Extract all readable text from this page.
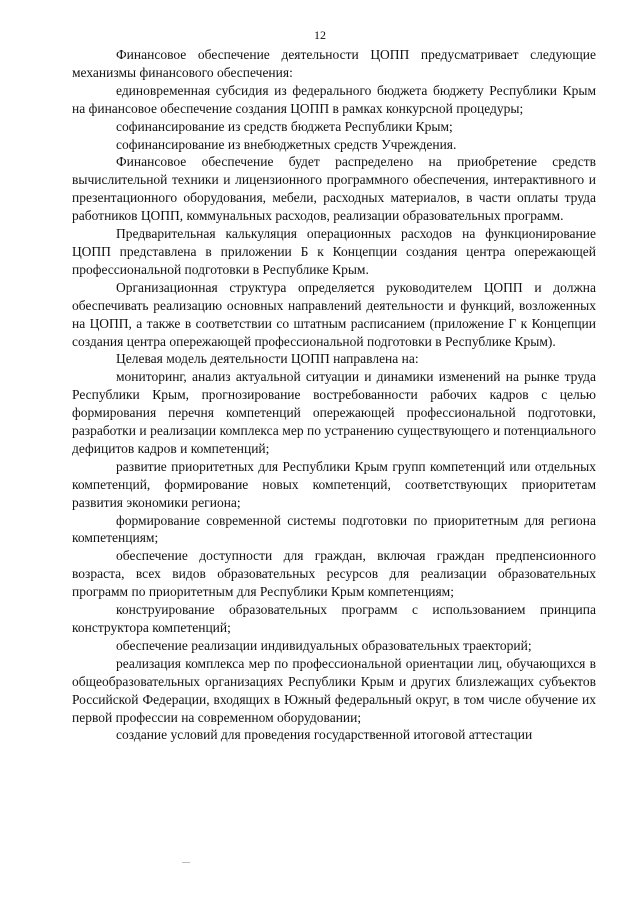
12

Финансовое обеспечение деятельности ЦОПП предусматривает следующие механизмы финансового обеспечения:

единовременная субсидия из федерального бюджета бюджету Республики Крым на финансовое обеспечение создания ЦОПП в рамках конкурсной процедуры;

софинансирование из средств бюджета Республики Крым;

софинансирование из внебюджетных средств Учреждения.

Финансовое обеспечение будет распределено на приобретение средств вычислительной техники и лицензионного программного обеспечения, интерактивного и презентационного оборудования, мебели, расходных материалов, в части оплаты труда работников ЦОПП, коммунальных расходов, реализации образовательных программ.

Предварительная калькуляция операционных расходов на функционирование ЦОПП представлена в приложении Б к Концепции создания центра опережающей профессиональной подготовки в Республике Крым.

Организационная структура определяется руководителем ЦОПП и должна обеспечивать реализацию основных направлений деятельности и функций, возложенных на ЦОПП, а также в соответствии со штатным расписанием (приложение Г к Концепции создания центра опережающей профессиональной подготовки в Республике Крым).

Целевая модель деятельности ЦОПП направлена на:

мониторинг, анализ актуальной ситуации и динамики изменений на рынке труда Республики Крым, прогнозирование востребованности рабочих кадров с целью формирования перечня компетенций опережающей профессиональной подготовки, разработки и реализации комплекса мер по устранению существующего и потенциального дефицитов кадров и компетенций;

развитие приоритетных для Республики Крым групп компетенций или отдельных компетенций, формирование новых компетенций, соответствующих приоритетам развития экономики региона;

формирование современной системы подготовки по приоритетным для региона компетенциям;

обеспечение доступности для граждан, включая граждан предпенсионного возраста, всех видов образовательных ресурсов для реализации образовательных программ по приоритетным для Республики Крым компетенциям;

конструирование образовательных программ с использованием принципа конструктора компетенций;

обеспечение реализации индивидуальных образовательных траекторий;

реализация комплекса мер по профессиональной ориентации лиц, обучающихся в общеобразовательных организациях Республики Крым и других близлежащих субъектов Российской Федерации, входящих в Южный федеральный округ, в том числе обучение их первой профессии на современном оборудовании;

создание условий для проведения государственной итоговой аттестации
